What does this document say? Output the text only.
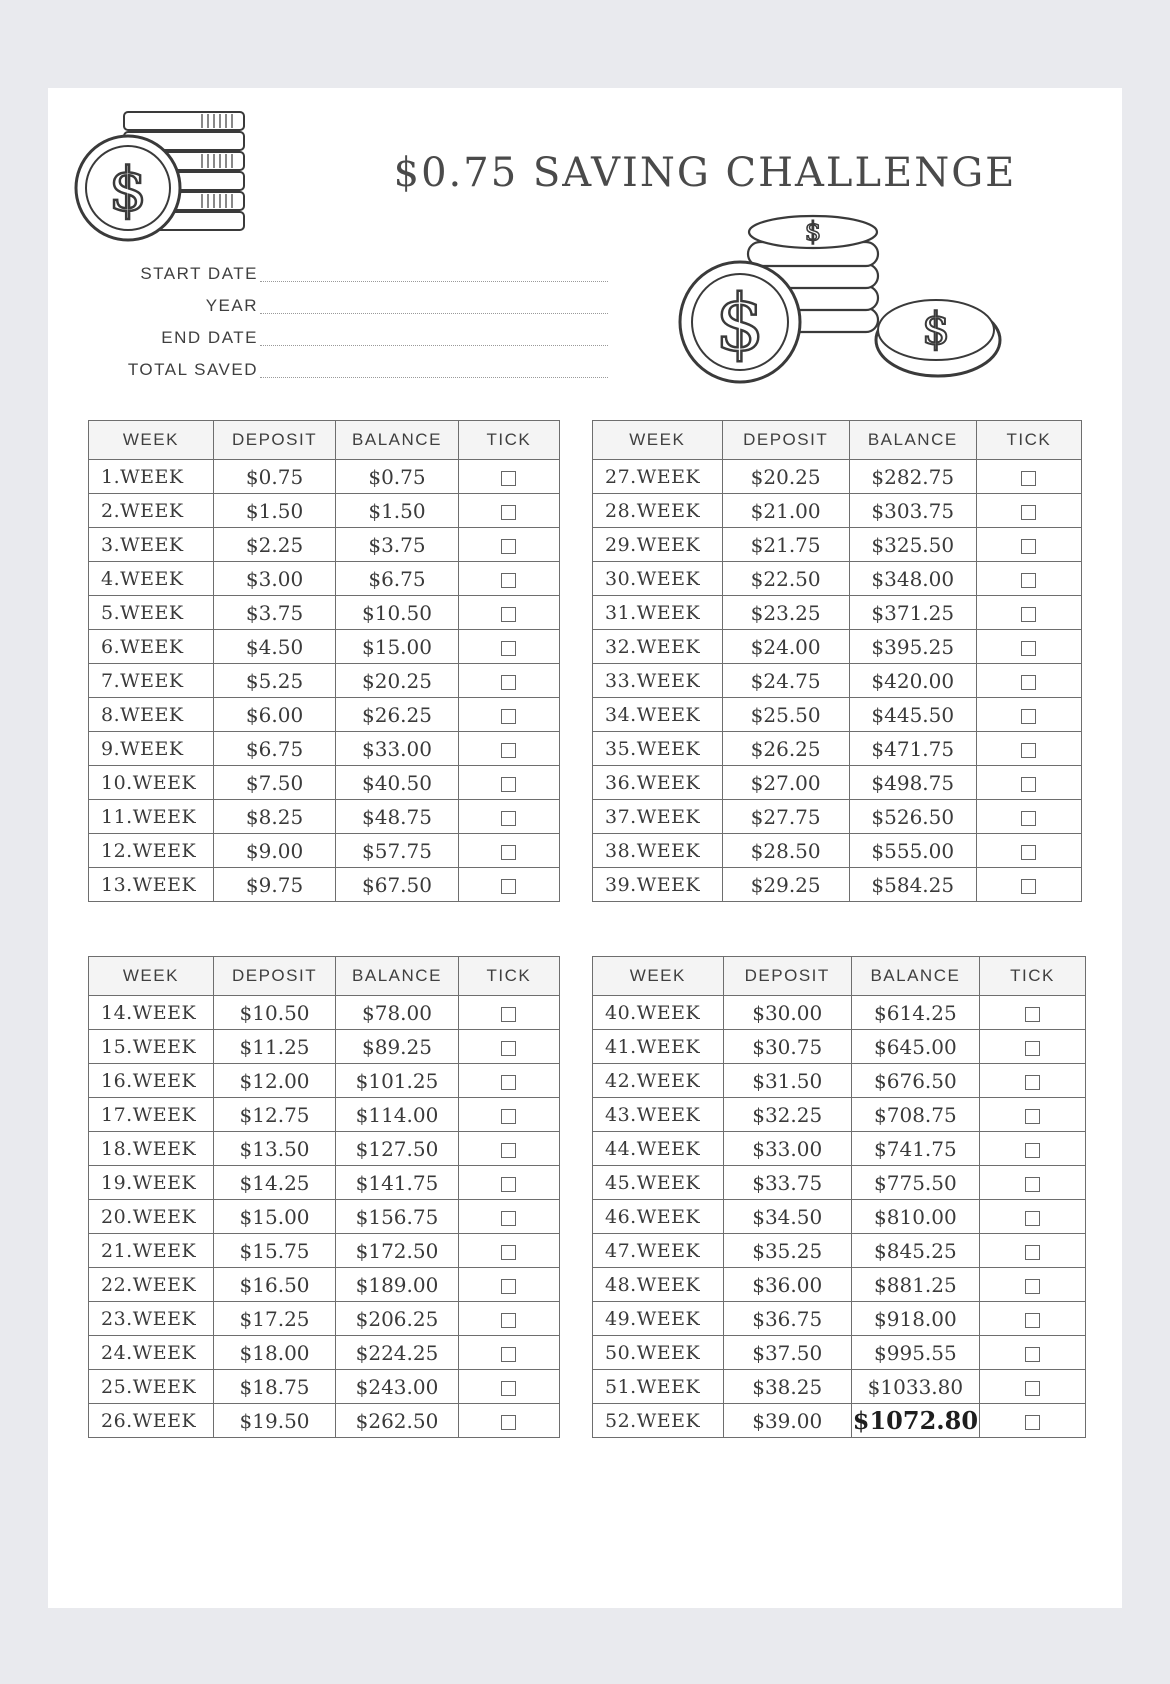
$	$0.75 SAVING CHALLENGE
$
$	$
START DATE
YEAR
END DATE
TOTAL SAVED
WEEK	DEPOSIT	BALANCE	TICK
1.WEEK	$0.75	$0.75	
2.WEEK	$1.50	$1.50	
3.WEEK	$2.25	$3.75	
4.WEEK	$3.00	$6.75	
5.WEEK	$3.75	$10.50	
6.WEEK	$4.50	$15.00	
7.WEEK	$5.25	$20.25	
8.WEEK	$6.00	$26.25	
9.WEEK	$6.75	$33.00	
10.WEEK	$7.50	$40.50	
11.WEEK	$8.25	$48.75	
12.WEEK	$9.00	$57.75	
13.WEEK	$9.75	$67.50	
WEEK	DEPOSIT	BALANCE	TICK
27.WEEK	$20.25	$282.75	
28.WEEK	$21.00	$303.75	
29.WEEK	$21.75	$325.50	
30.WEEK	$22.50	$348.00	
31.WEEK	$23.25	$371.25	
32.WEEK	$24.00	$395.25	
33.WEEK	$24.75	$420.00	
34.WEEK	$25.50	$445.50	
35.WEEK	$26.25	$471.75	
36.WEEK	$27.00	$498.75	
37.WEEK	$27.75	$526.50	
38.WEEK	$28.50	$555.00	
39.WEEK	$29.25	$584.25	
WEEK	DEPOSIT	BALANCE	TICK
14.WEEK	$10.50	$78.00	
15.WEEK	$11.25	$89.25	
16.WEEK	$12.00	$101.25	
17.WEEK	$12.75	$114.00	
18.WEEK	$13.50	$127.50	
19.WEEK	$14.25	$141.75	
20.WEEK	$15.00	$156.75	
21.WEEK	$15.75	$172.50	
22.WEEK	$16.50	$189.00	
23.WEEK	$17.25	$206.25	
24.WEEK	$18.00	$224.25	
25.WEEK	$18.75	$243.00	
26.WEEK	$19.50	$262.50	
WEEK	DEPOSIT	BALANCE	TICK
40.WEEK	$30.00	$614.25	
41.WEEK	$30.75	$645.00	
42.WEEK	$31.50	$676.50	
43.WEEK	$32.25	$708.75	
44.WEEK	$33.00	$741.75	
45.WEEK	$33.75	$775.50	
46.WEEK	$34.50	$810.00	
47.WEEK	$35.25	$845.25	
48.WEEK	$36.00	$881.25	
49.WEEK	$36.75	$918.00	
50.WEEK	$37.50	$995.55	
51.WEEK	$38.25	$1033.80	
52.WEEK	$39.00	$1072.80	
